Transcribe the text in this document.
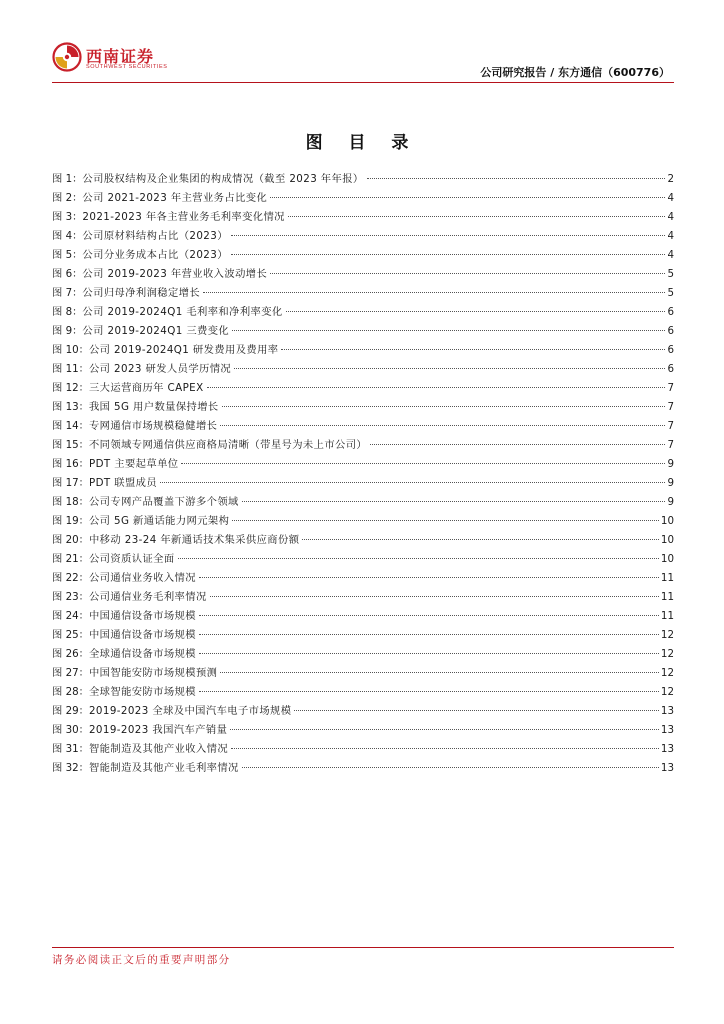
西南证券
SOUTHWEST SECURITIES	公司研究报告 / 东方通信（600776）
图 目 录
图 1： 公司股权结构及企业集团的构成情况（截至 2023 年年报）	2
图 2： 公司 2021-2023 年主营业务占比变化	4
图 3： 2021-2023 年各主营业务毛利率变化情况	4
图 4： 公司原材料结构占比（2023）	4
图 5： 公司分业务成本占比（2023）	4
图 6： 公司 2019-2023 年营业收入波动增长	5
图 7： 公司归母净利润稳定增长	5
图 8： 公司 2019-2024Q1 毛利率和净利率变化	6
图 9： 公司 2019-2024Q1 三费变化	6
图 10： 公司 2019-2024Q1 研发费用及费用率	6
图 11： 公司 2023 研发人员学历情况	6
图 12： 三大运营商历年 CAPEX	7
图 13： 我国 5G 用户数量保持增长	7
图 14： 专网通信市场规模稳健增长	7
图 15： 不同领域专网通信供应商格局清晰（带星号为未上市公司）	7
图 16： PDT 主要起草单位	9
图 17： PDT 联盟成员	9
图 18： 公司专网产品覆盖下游多个领域	9
图 19： 公司 5G 新通话能力网元架构	10
图 20： 中移动 23-24 年新通话技术集采供应商份额	10
图 21： 公司资质认证全面	10
图 22： 公司通信业务收入情况	11
图 23： 公司通信业务毛利率情况	11
图 24： 中国通信设备市场规模	11
图 25： 中国通信设备市场规模	12
图 26： 全球通信设备市场规模	12
图 27： 中国智能安防市场规模预测	12
图 28： 全球智能安防市场规模	12
图 29： 2019-2023 全球及中国汽车电子市场规模	13
图 30： 2019-2023 我国汽车产销量	13
图 31： 智能制造及其他产业收入情况	13
图 32： 智能制造及其他产业毛利率情况	13
请务必阅读正文后的重要声明部分
